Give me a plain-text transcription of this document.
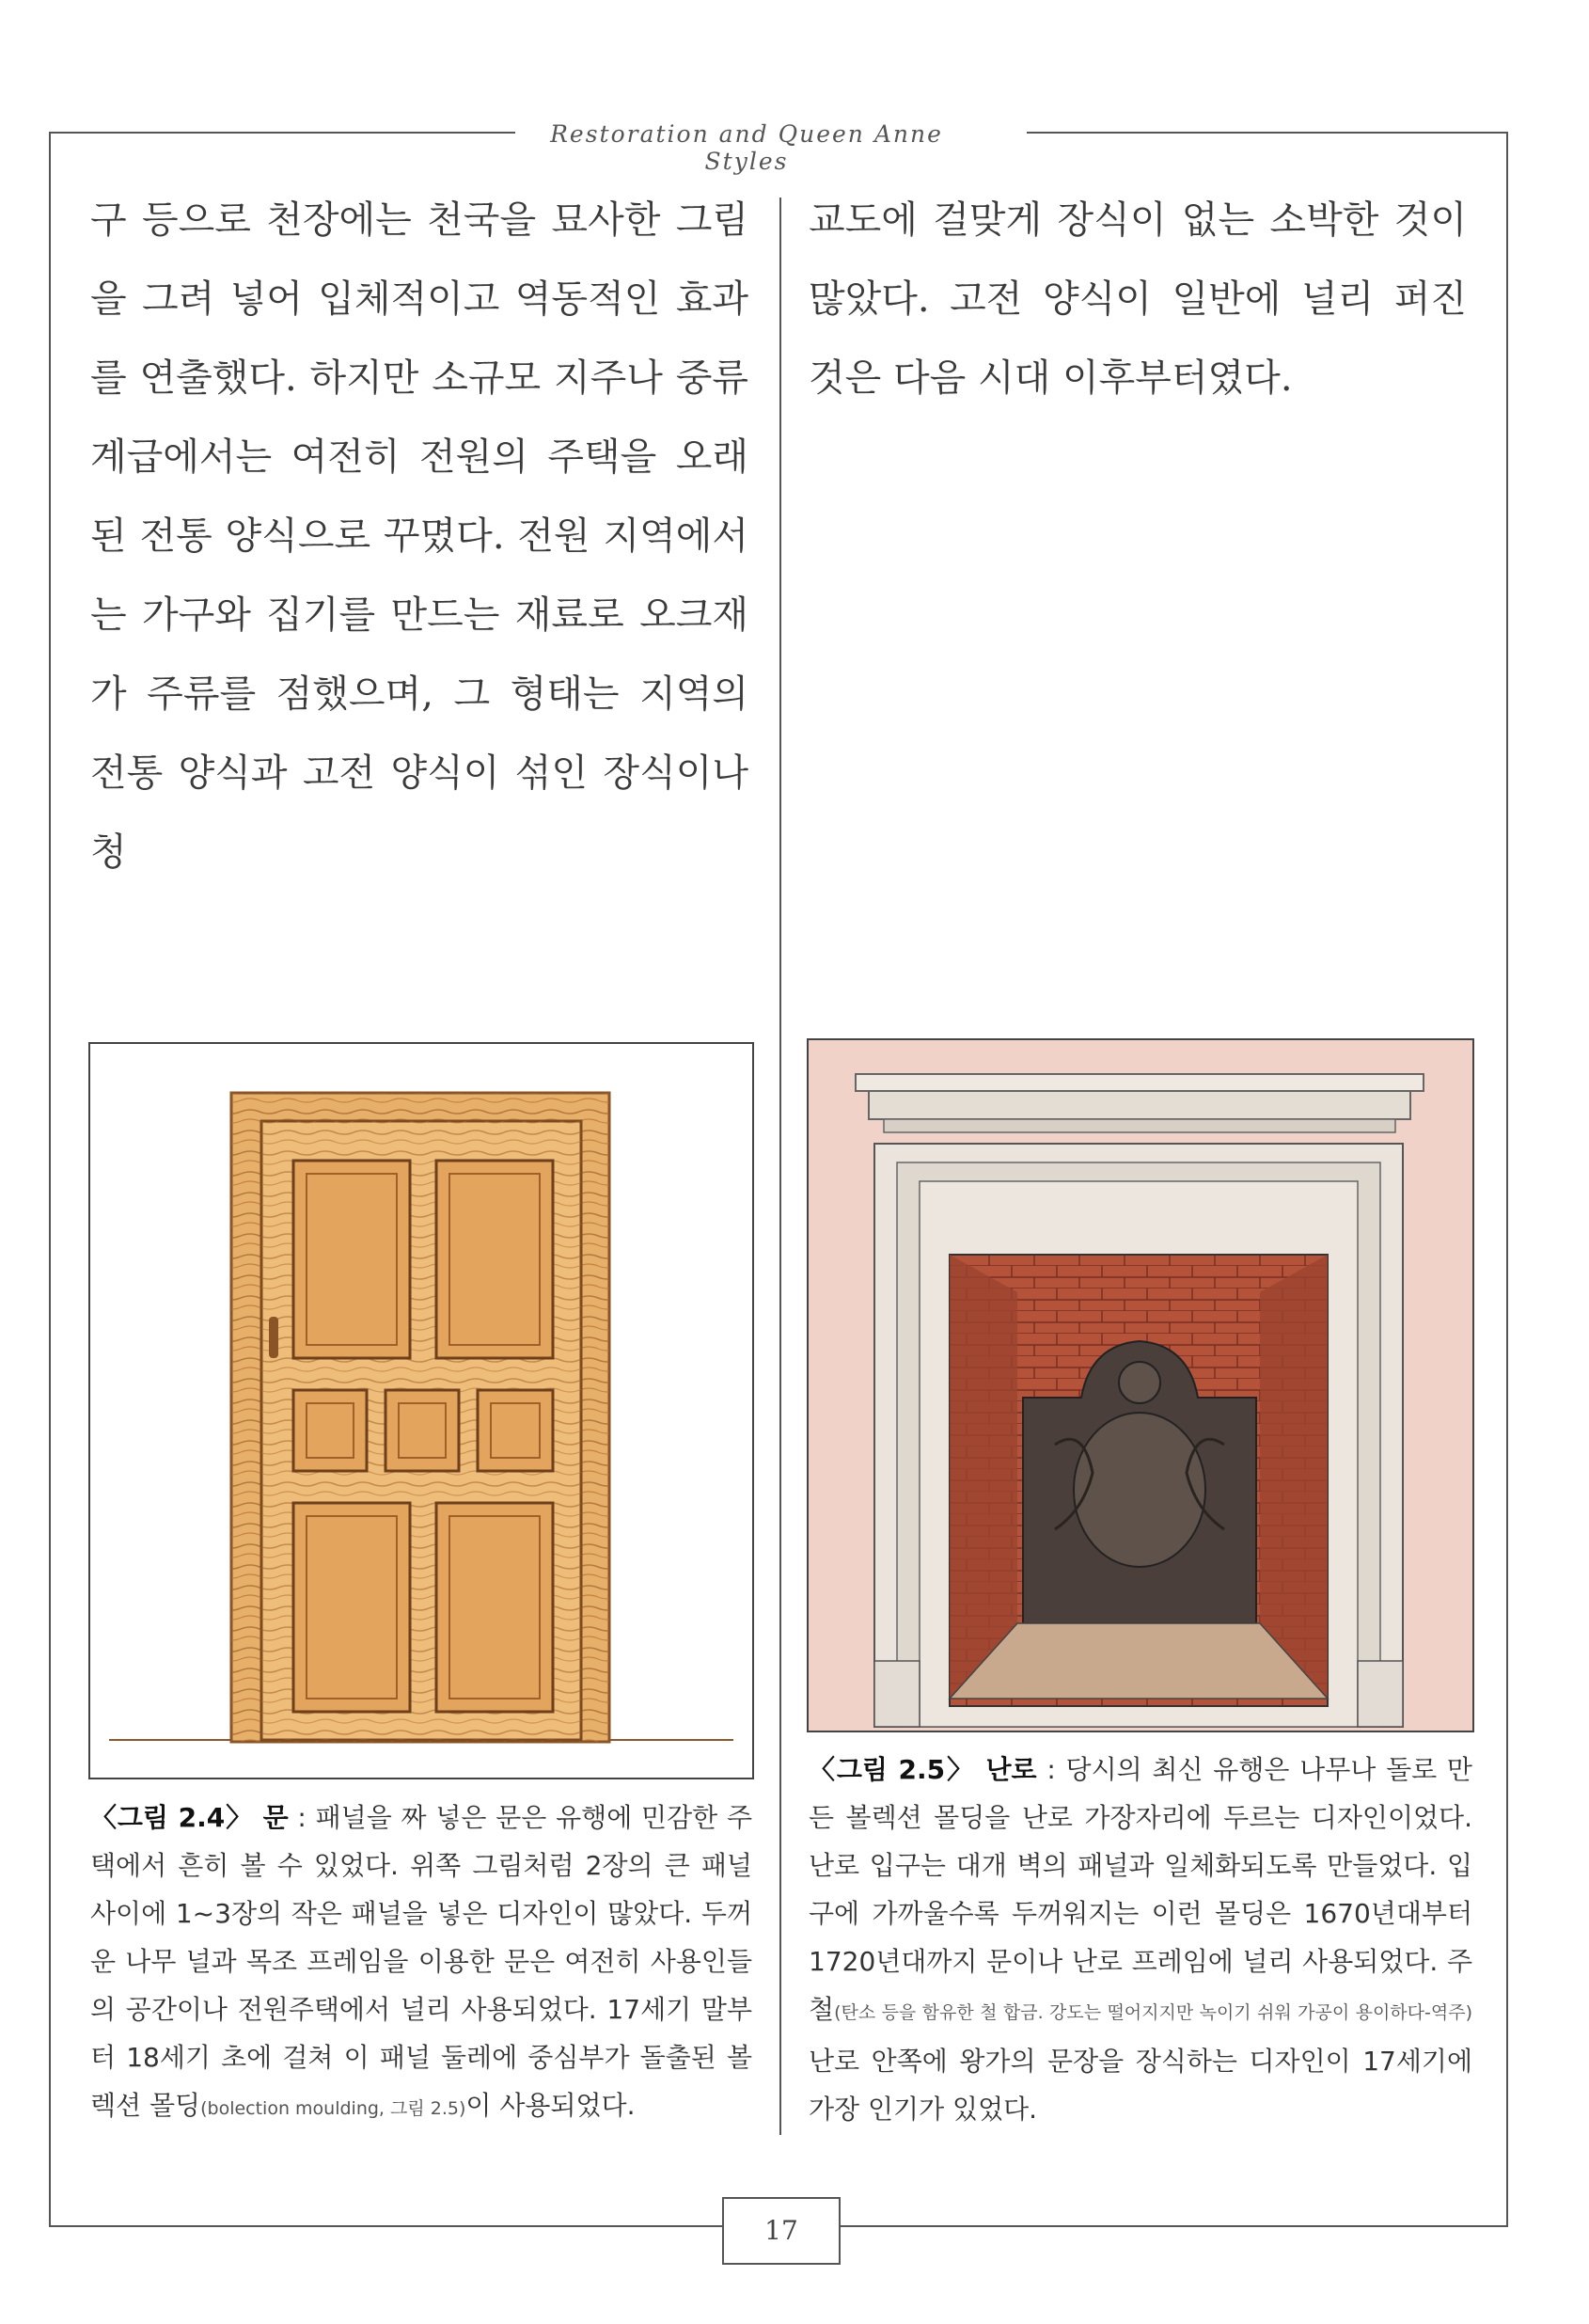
Restoration and Queen Anne Styles

구 등으로 천장에는 천국을 묘사한 그림을 그려 넣어 입체적이고 역동적인 효과를 연출했다. 하지만 소규모 지주나 중류 계급에서는 여전히 전원의 주택을 오래된 전통 양식으로 꾸몄다. 전원 지역에서는 가구와 집기를 만드는 재료로 오크재가 주류를 점했으며, 그 형태는 지역의 전통 양식과 고전 양식이 섞인 장식이나 청

교도에 걸맞게 장식이 없는 소박한 것이 많았다. 고전 양식이 일반에 널리 퍼진 것은 다음 시대 이후부터였다.

〈그림 2.4〉 문 : 패널을 짜 넣은 문은 유행에 민감한 주택에서 흔히 볼 수 있었다. 위쪽 그림처럼 2장의 큰 패널 사이에 1~3장의 작은 패널을 넣은 디자인이 많았다. 두꺼운 나무 널과 목조 프레임을 이용한 문은 여전히 사용인들의 공간이나 전원주택에서 널리 사용되었다. 17세기 말부터 18세기 초에 걸쳐 이 패널 둘레에 중심부가 돌출된 볼렉션 몰딩(bolection moulding, 그림 2.5)이 사용되었다.

〈그림 2.5〉 난로 : 당시의 최신 유행은 나무나 돌로 만든 볼렉션 몰딩을 난로 가장자리에 두르는 디자인이었다. 난로 입구는 대개 벽의 패널과 일체화되도록 만들었다. 입구에 가까울수록 두꺼워지는 이런 몰딩은 1670년대부터 1720년대까지 문이나 난로 프레임에 널리 사용되었다. 주철(탄소 등을 함유한 철 합금. 강도는 떨어지지만 녹이기 쉬워 가공이 용이하다-역주) 난로 안쪽에 왕가의 문장을 장식하는 디자인이 17세기에 가장 인기가 있었다.

17
